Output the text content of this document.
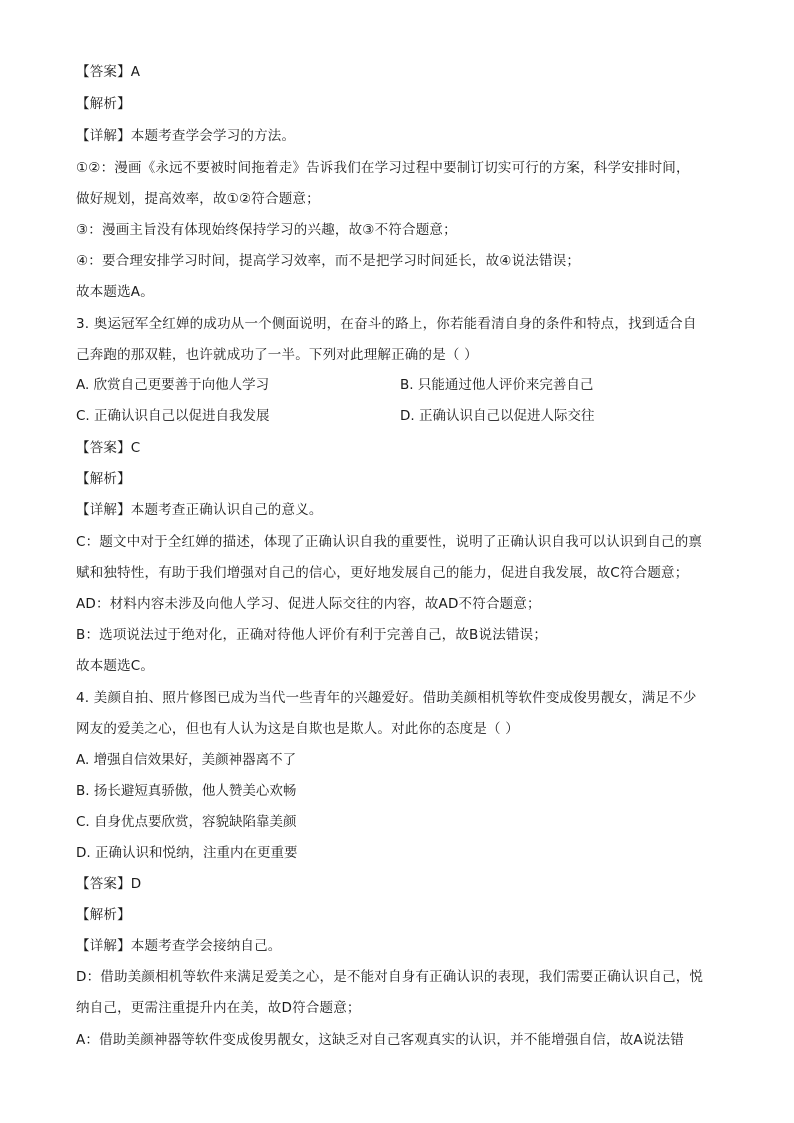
【答案】A
【解析】
【详解】本题考查学会学习的方法。
①②：漫画《永远不要被时间拖着走》告诉我们在学习过程中要制订切实可行的方案，科学安排时间，
做好规划，提高效率，故①②符合题意；
③：漫画主旨没有体现始终保持学习的兴趣，故③不符合题意；
④：要合理安排学习时间，提高学习效率，而不是把学习时间延长，故④说法错误；
故本题选A。
3. 奥运冠军全红婵的成功从一个侧面说明，在奋斗的路上，你若能看清自身的条件和特点，找到适合自
己奔跑的那双鞋，也许就成功了一半。下列对此理解正确的是（ ）
A. 欣赏自己更要善于向他人学习	B. 只能通过他人评价来完善自己
C. 正确认识自己以促进自我发展	D. 正确认识自己以促进人际交往
【答案】C
【解析】
【详解】本题考查正确认识自己的意义。
C：题文中对于全红婵的描述，体现了正确认识自我的重要性，说明了正确认识自我可以认识到自己的禀
赋和独特性，有助于我们增强对自己的信心，更好地发展自己的能力，促进自我发展，故C符合题意；
AD：材料内容未涉及向他人学习、促进人际交往的内容，故AD不符合题意；
B：选项说法过于绝对化，正确对待他人评价有利于完善自己，故B说法错误；
故本题选C。
4. 美颜自拍、照片修图已成为当代一些青年的兴趣爱好。借助美颜相机等软件变成俊男靓女，满足不少
网友的爱美之心，但也有人认为这是自欺也是欺人。对此你的态度是（ ）
A. 增强自信效果好，美颜神器离不了
B. 扬长避短真骄傲，他人赞美心欢畅
C. 自身优点要欣赏，容貌缺陷靠美颜
D. 正确认识和悦纳，注重内在更重要
【答案】D
【解析】
【详解】本题考查学会接纳自己。
D：借助美颜相机等软件来满足爱美之心，是不能对自身有正确认识的表现，我们需要正确认识自己，悦
纳自己，更需注重提升内在美，故D符合题意；
A：借助美颜神器等软件变成俊男靓女，这缺乏对自己客观真实的认识，并不能增强自信，故A说法错
